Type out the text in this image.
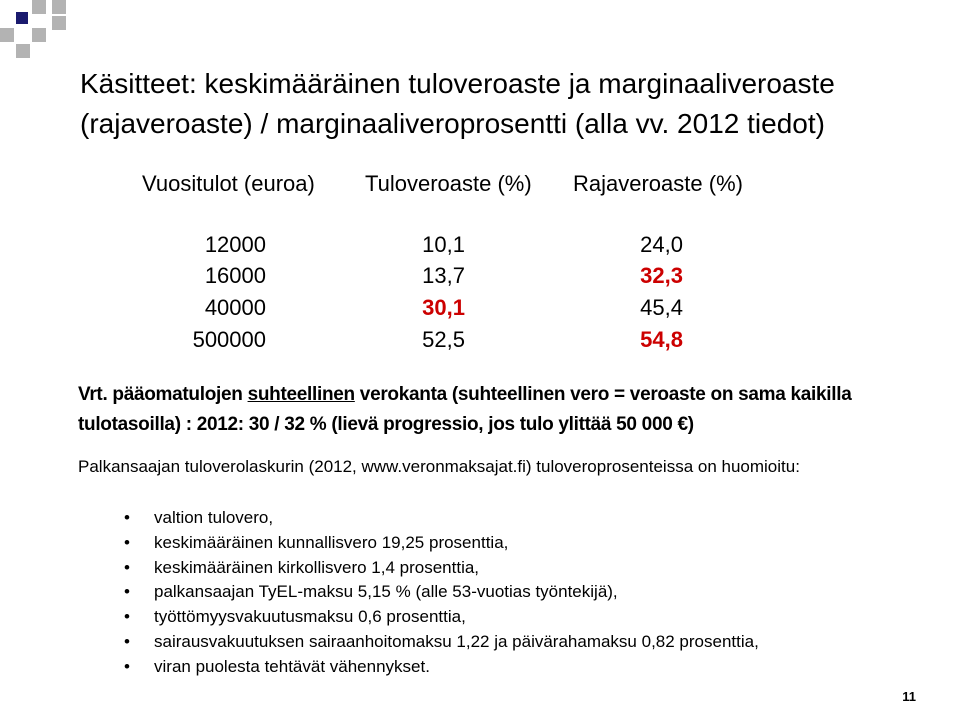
Käsitteet: keskimääräinen tuloveroaste ja marginaaliveroaste
(rajaveroaste) / marginaaliveroprosentti (alla vv. 2012 tiedot)
Vuositulot (euroa) Tuloveroaste (%) Rajaveroaste (%)
12000	10,1	24,0
16000	13,7	32,3
40000	30,1	45,4
500000	52,5	54,8
Vrt. pääomatulojen suhteellinen verokanta (suhteellinen vero = veroaste on sama kaikilla tulotasoilla) : 2012: 30 / 32 % (lievä progressio, jos tulo ylittää 50 000 €)
Palkansaajan tuloverolaskurin (2012, www.veronmaksajat.fi) tuloveroprosenteissa on huomioitu:
• valtion tulovero,
• keskimääräinen kunnallisvero 19,25 prosenttia,
• keskimääräinen kirkollisvero 1,4 prosenttia,
• palkansaajan TyEL-maksu 5,15 % (alle 53-vuotias työntekijä),
• työttömyysvakuutusmaksu 0,6 prosenttia,
• sairausvakuutuksen sairaanhoitomaksu 1,22 ja päivärahamaksu 0,82 prosenttia,
• viran puolesta tehtävät vähennykset.
11
